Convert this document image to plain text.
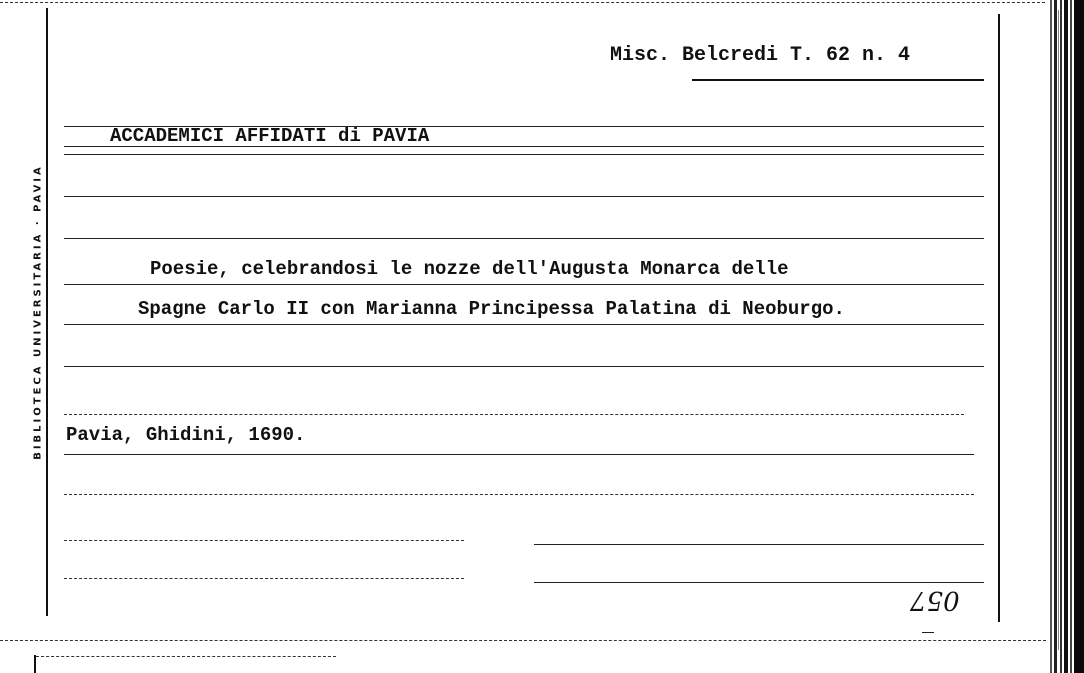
BIBLIOTECA UNIVERSITARIA · PAVIA
Misc. Belcredi T. 62 n. 4
ACCADEMICI AFFIDATI di PAVIA
Poesie, celebrandosi le nozze dell'Augusta Monarca delle
Spagne Carlo II con Marianna Principessa Palatina di Neoburgo.
Pavia, Ghidini, 1690.
057
